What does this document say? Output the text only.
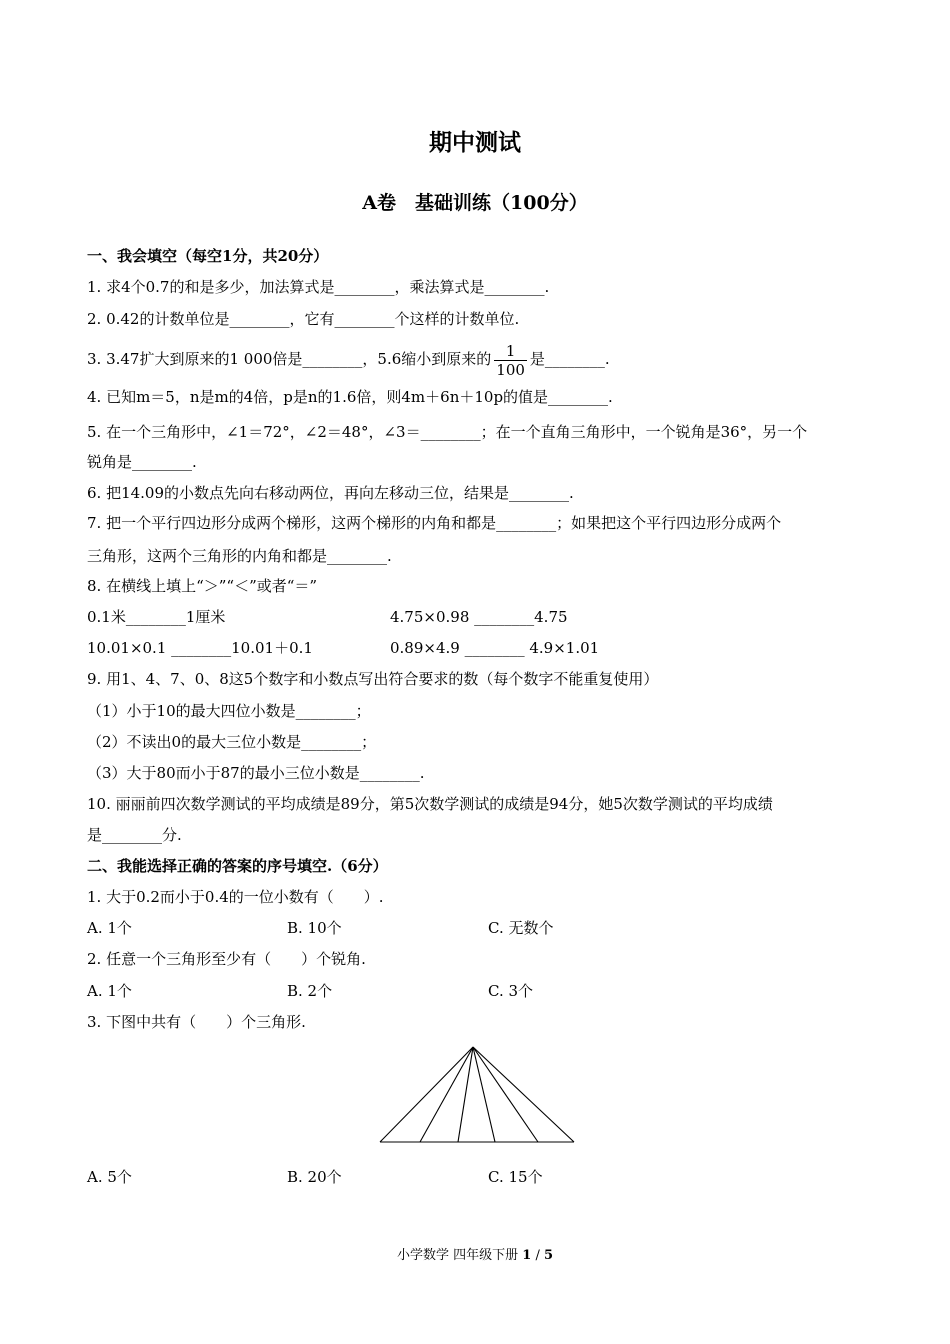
期中测试
A卷　基础训练（100分）
一、我会填空（每空1分，共20分）
1. 求4个0.7的和是多少，加法算式是________，乘法算式是________.
2. 0.42的计数单位是________，它有________个这样的计数单位.
3. 3.47扩大到原来的1 000倍是________，5.6缩小到原来的 $\frac{1}{100}$ 是________.
4. 已知m＝5，n是m的4倍，p是n的1.6倍，则4m＋6n＋10p的值是________.
5. 在一个三角形中，∠1＝72°，∠2＝48°，∠3＝________；在一个直角三角形中，一个锐角是36°，另一个
锐角是________.
6. 把14.09的小数点先向右移动两位，再向左移动三位，结果是________.
7. 把一个平行四边形分成两个梯形，这两个梯形的内角和都是________；如果把这个平行四边形分成两个
三角形，这两个三角形的内角和都是________.
8. 在横线上填上“＞”“＜”或者“＝”
0.1米________1厘米	4.75×0.98 ________4.75
10.01×0.1 ________10.01＋0.1	0.89×4.9 ________ 4.9×1.01
9. 用1、4、7、0、8这5个数字和小数点写出符合要求的数（每个数字不能重复使用）
（1）小于10的最大四位小数是________；
（2）不读出0的最大三位小数是________；
（3）大于80而小于87的最小三位小数是________.
10. 丽丽前四次数学测试的平均成绩是89分，第5次数学测试的成绩是94分，她5次数学测试的平均成绩
是________分.
二、我能选择正确的答案的序号填空.（6分）
1. 大于0.2而小于0.4的一位小数有（　　）.
A. 1个	B. 10个	C. 无数个
2. 任意一个三角形至少有（　　）个锐角.
A. 1个	B. 2个	C. 3个
3. 下图中共有（　　）个三角形.
A. 5个	B. 20个	C. 15个
小学数学 四年级下册 1 / 5
